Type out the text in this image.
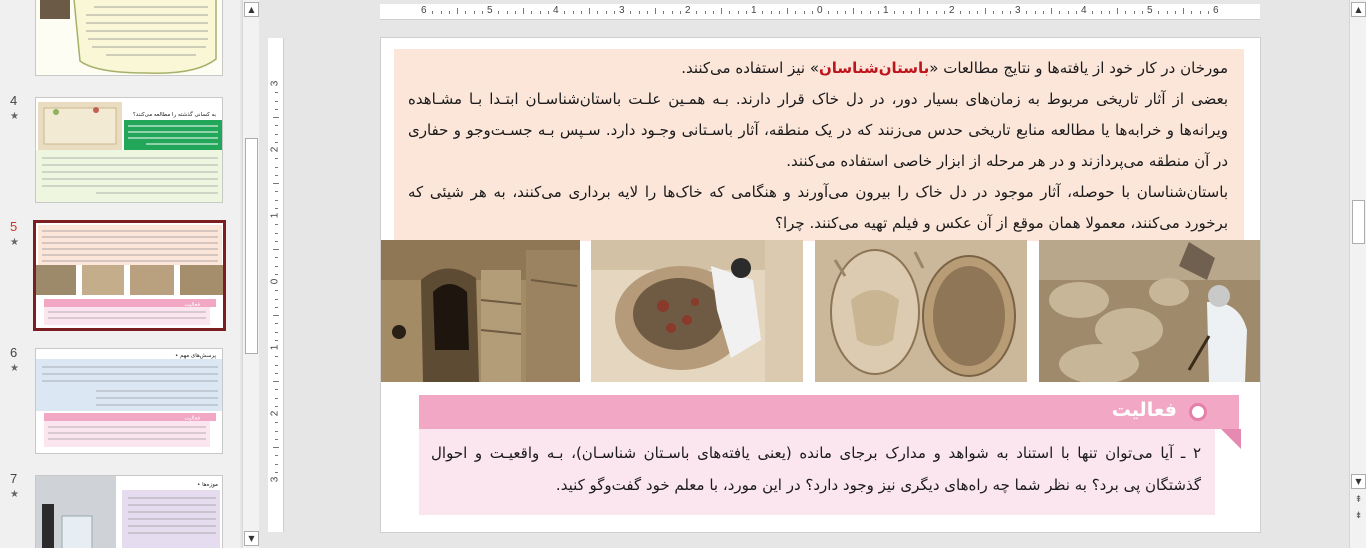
4
★	به کسانی گذشته را مطالعه می‌کنند؟
5
★
فعالیت
6
★
• پرسش‌های مهم
فعالیت
7
★
• موزه‌ها
▲
▼
6	5	4	3	2	1	0	1	2	3	4	5	6
3
2
1
0
1
2
3
مورخان در کار خود از یافته‌ها و نتایج مطالعات «باستان‌شناسان» نیز استفاده می‌کنند.
بعضی از آثار تاریخی مربوط به زمان‌های بسیار دور، در دل خاک قرار دارند. بـه همـین علـت باستان‌شناسـان ابتـدا بـا مشـاهده ویرانه‌ها و خرابه‌ها یا مطالعه منابع تاریخی حدس می‌زنند که در یک منطقه، آثار باسـتانی وجـود دارد. سـپس بـه جسـت‌وجو و حفاری در آن منطقه می‌پردازند و در هر مرحله از ابزار خاصی استفاده می‌کنند.
باستان‌شناسان با حوصله، آثار موجود در دل خاک را بیرون می‌آورند و هنگامی که خاک‌ها را لایه برداری می‌کنند، به هر شیئی که برخورد می‌کنند، معمولا همان موقع از آن عکس و فیلم تهیه می‌کنند. چرا؟
فعالیت
۲ ـ آیا می‌توان تنها با استناد به شواهد و مدارک برجای مانده (یعنی یافته‌های باسـتان شناسـان)، بـه واقعیـت و احوال گذشتگان پی برد؟ به نظر شما چه راه‌های دیگری نیز وجود دارد؟ در این مورد، با معلم خود گفت‌وگو کنید.
▲
▼
⇞
⇟
